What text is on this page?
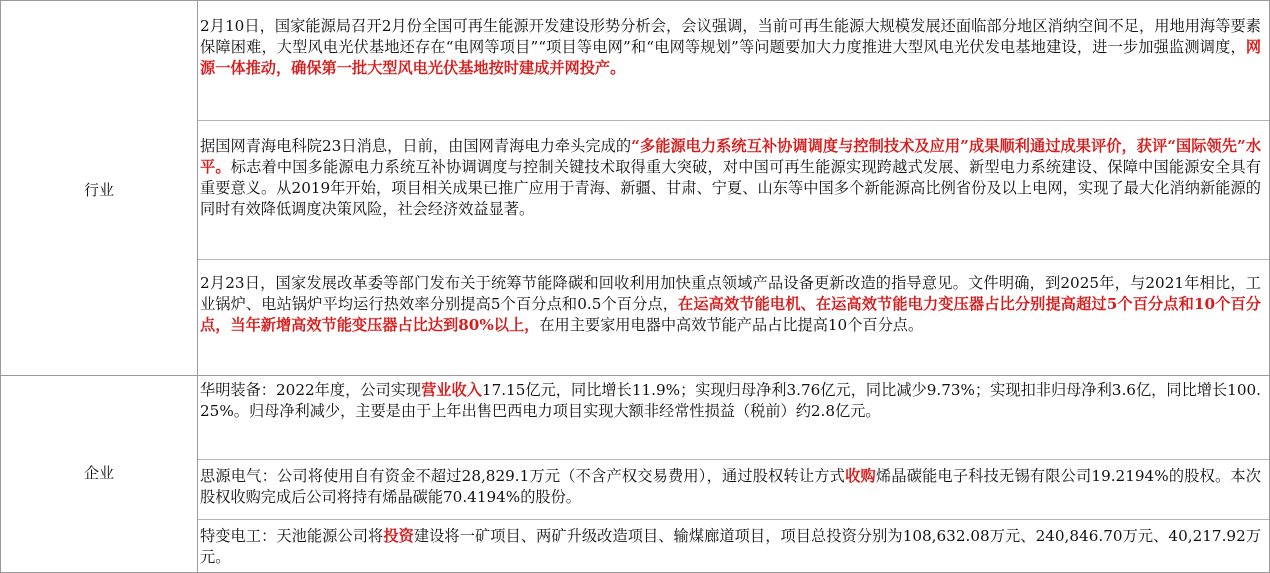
行业
企业
2月10日，国家能源局召开2月份全国可再生能源开发建设形势分析会，会议强调，当前可再生能源大规模发展还面临部分地区消纳空间不足，用地用海等要素保障困难，大型风电光伏基地还存在“电网等项目”“项目等电网”和“电网等规划”等问题要加大力度推进大型风电光伏发电基地建设，进一步加强监测调度，网源一体推动，确保第一批大型风电光伏基地按时建成并网投产。
据国网青海电科院23日消息，日前，由国网青海电力牵头完成的“多能源电力系统互补协调调度与控制技术及应用”成果顺利通过成果评价，获评“国际领先”水平。标志着中国多能源电力系统互补协调调度与控制关键技术取得重大突破，对中国可再生能源实现跨越式发展、新型电力系统建设、保障中国能源安全具有重要意义。从2019年开始，项目相关成果已推广应用于青海、新疆、甘肃、宁夏、山东等中国多个新能源高比例省份及以上电网，实现了最大化消纳新能源的同时有效降低调度决策风险，社会经济效益显著。
2月23日，国家发展改革委等部门发布关于统筹节能降碳和回收利用加快重点领域产品设备更新改造的指导意见。文件明确，到2025年，与2021年相比，工业锅炉、电站锅炉平均运行热效率分别提高5个百分点和0.5个百分点，在运高效节能电机、在运高效节能电力变压器占比分别提高超过5个百分点和10个百分点，当年新增高效节能变压器占比达到80%以上，在用主要家用电器中高效节能产品占比提高10个百分点。
华明装备：2022年度，公司实现营业收入17.15亿元，同比增长11.9%；实现归母净利3.76亿元，同比减少9.73%；实现扣非归母净利3.6亿，同比增长100.25%。归母净利减少，主要是由于上年出售巴西电力项目实现大额非经常性损益（税前）约2.8亿元。
思源电气：公司将使用自有资金不超过28,829.1万元（不含产权交易费用），通过股权转让方式收购烯晶碳能电子科技无锡有限公司19.2194%的股权。本次股权收购完成后公司将持有烯晶碳能70.4194%的股份。
特变电工：天池能源公司将投资建设将一矿项目、两矿升级改造项目、输煤廊道项目，项目总投资分别为108,632.08万元、240,846.70万元、40,217.92万元。
